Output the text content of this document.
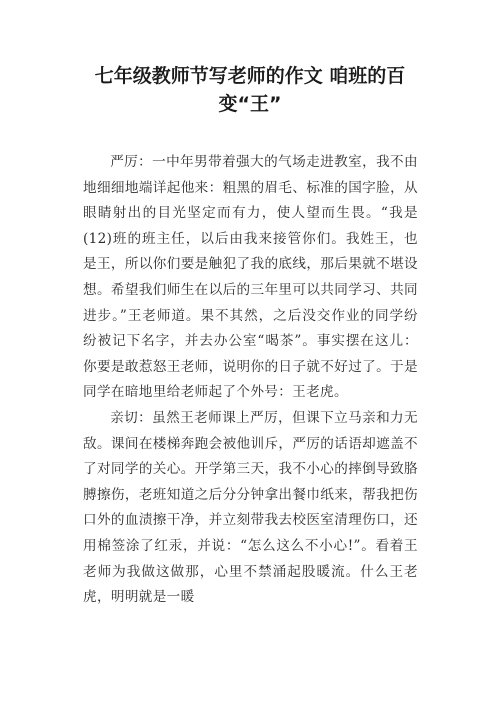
七年级教师节写老师的作文 咱班的百变“王”

严厉：一中年男带着强大的气场走进教室，我不由地细细地端详起他来：粗黑的眉毛、标准的国字脸，从眼睛射出的目光坚定而有力，使人望而生畏。“我是(12)班的班主任，以后由我来接管你们。我姓王，也是王，所以你们要是触犯了我的底线，那后果就不堪设想。希望我们师生在以后的三年里可以共同学习、共同进步。”王老师道。果不其然，之后没交作业的同学纷纷被记下名字，并去办公室“喝茶”。事实摆在这儿：你要是敢惹怒王老师，说明你的日子就不好过了。于是同学在暗地里给老师起了个外号：王老虎。

亲切：虽然王老师课上严厉，但课下立马亲和力无敌。课间在楼梯奔跑会被他训斥，严厉的话语却遮盖不了对同学的关心。开学第三天，我不小心的摔倒导致胳膊擦伤，老班知道之后分分钟拿出餐巾纸来，帮我把伤口外的血渍擦干净，并立刻带我去校医室清理伤口，还用棉签涂了红汞，并说：“怎么这么不小心!”。看着王老师为我做这做那，心里不禁涌起股暖流。什么王老虎，明明就是一暖
